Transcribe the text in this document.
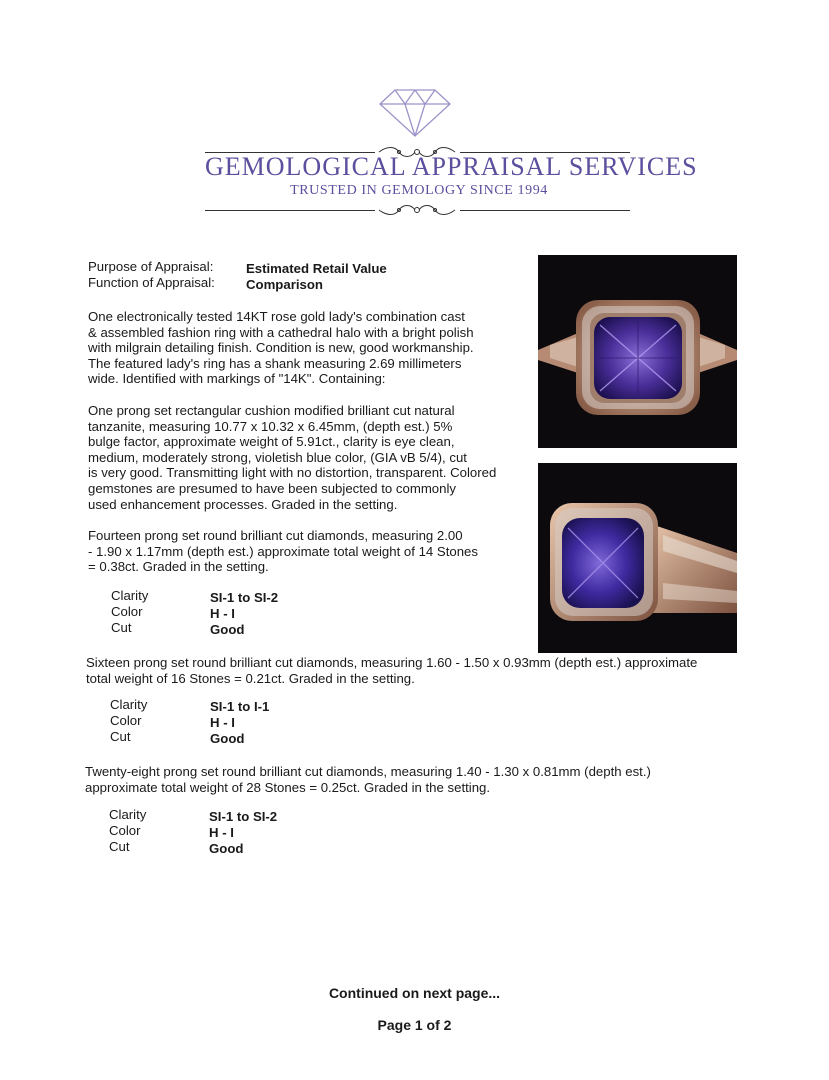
GEMOLOGICAL APPRAISAL SERVICES
TRUSTED IN GEMOLOGY SINCE 1994
Purpose of Appraisal: Estimated Retail Value
Function of Appraisal: Comparison
One electronically tested 14KT rose gold lady's combination cast
& assembled fashion ring with a cathedral halo with a bright polish
with milgrain detailing finish. Condition is new, good workmanship.
The featured lady's ring has a shank measuring 2.69 millimeters
wide. Identified with markings of "14K". Containing:
One prong set rectangular cushion modified brilliant cut natural
tanzanite, measuring 10.77 x 10.32 x 6.45mm, (depth est.) 5%
bulge factor, approximate weight of 5.91ct., clarity is eye clean,
medium, moderately strong, violetish blue color, (GIA vB 5/4), cut
is very good. Transmitting light with no distortion, transparent. Colored
gemstones are presumed to have been subjected to commonly
used enhancement processes. Graded in the setting.
Fourteen prong set round brilliant cut diamonds, measuring 2.00
- 1.90 x 1.17mm (depth est.) approximate total weight of 14 Stones
= 0.38ct. Graded in the setting.
Clarity	SI-1 to SI-2
Color	H - I
Cut	Good
Sixteen prong set round brilliant cut diamonds, measuring 1.60 - 1.50 x 0.93mm (depth est.) approximate
total weight of 16 Stones = 0.21ct. Graded in the setting.
Clarity	SI-1 to I-1
Color	H - I
Cut	Good
Twenty-eight prong set round brilliant cut diamonds, measuring 1.40 - 1.30 x 0.81mm (depth est.)
approximate total weight of 28 Stones = 0.25ct. Graded in the setting.
Clarity	SI-1 to SI-2
Color	H - I
Cut	Good
Continued on next page...
Page 1 of 2
